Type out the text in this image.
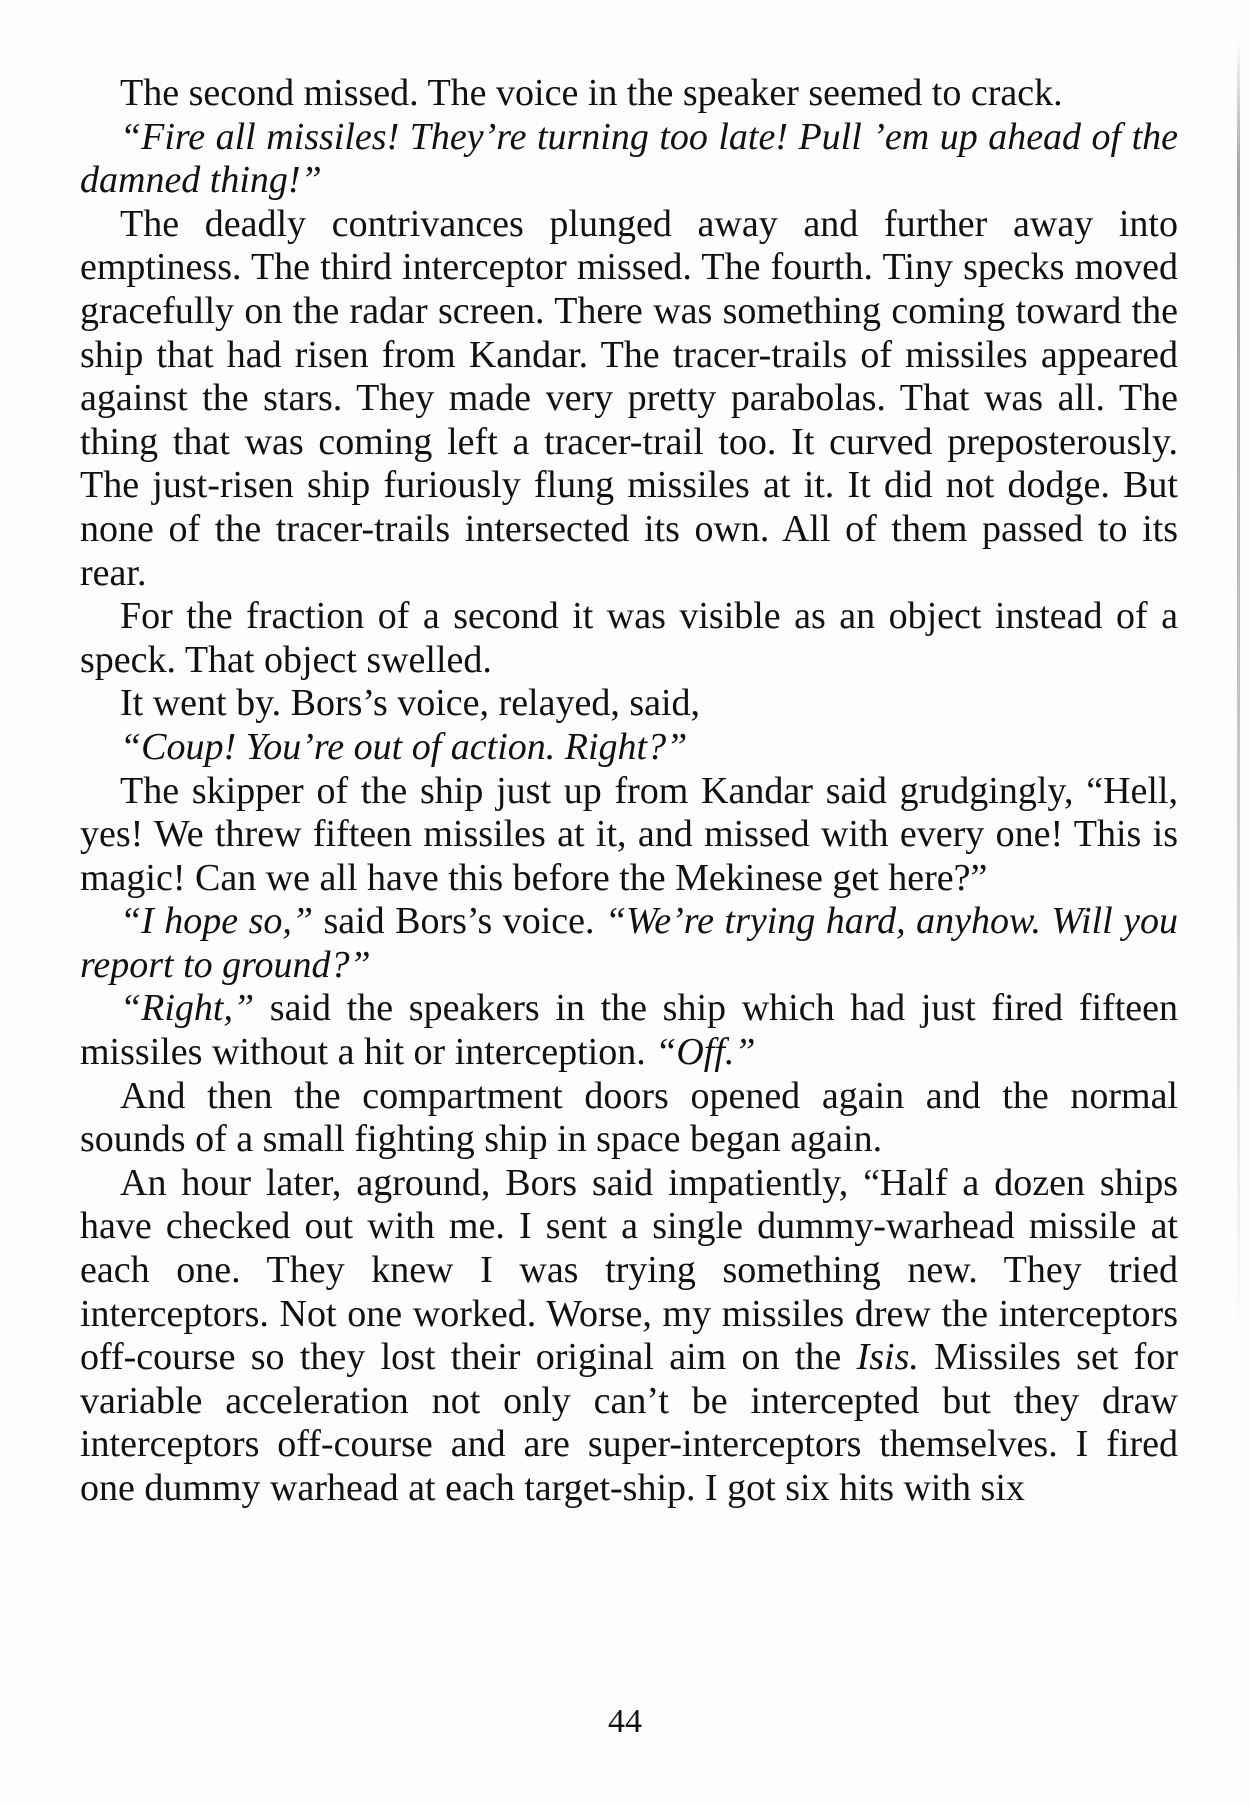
The second missed. The voice in the speaker seemed to crack.

“Fire all missiles! They’re turning too late! Pull ’em up ahead of the damned thing!”

The deadly contrivances plunged away and further away into emptiness. The third interceptor missed. The fourth. Tiny specks moved gracefully on the radar screen. There was something coming toward the ship that had risen from Kandar. The tracer-trails of missiles appeared against the stars. They made very pretty parabolas. That was all. The thing that was coming left a tracer-trail too. It curved preposterously. The just-risen ship furiously flung missiles at it. It did not dodge. But none of the tracer-trails intersected its own. All of them passed to its rear.

For the fraction of a second it was visible as an object instead of a speck. That object swelled.

It went by. Bors’s voice, relayed, said,

“Coup! You’re out of action. Right?”

The skipper of the ship just up from Kandar said grudgingly, “Hell, yes! We threw fifteen missiles at it, and missed with every one! This is magic! Can we all have this before the Mekinese get here?”

“I hope so,” said Bors’s voice. “We’re trying hard, anyhow. Will you report to ground?”

“Right,” said the speakers in the ship which had just fired fifteen missiles without a hit or interception. “Off.”

And then the compartment doors opened again and the normal sounds of a small fighting ship in space began again.

An hour later, aground, Bors said impatiently, “Half a dozen ships have checked out with me. I sent a single dummy-warhead missile at each one. They knew I was trying something new. They tried interceptors. Not one worked. Worse, my missiles drew the interceptors off-course so they lost their original aim on the Isis. Missiles set for variable acceleration not only can’t be intercepted but they draw interceptors off-course and are super-interceptors themselves. I fired one dummy warhead at each target-ship. I got six hits with six

44
